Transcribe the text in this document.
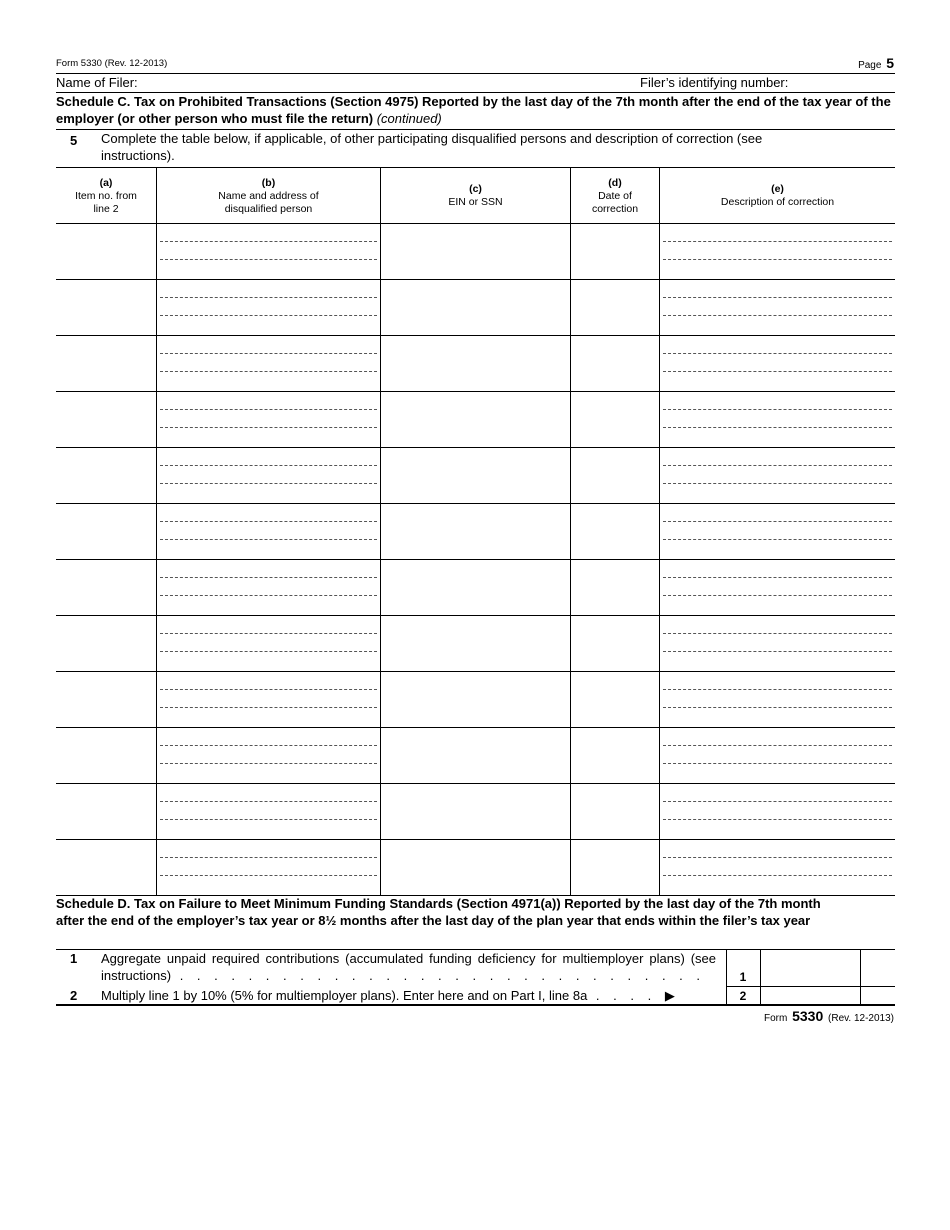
Form 5330 (Rev. 12-2013)	Page 5
Name of Filer:	Filer’s identifying number:
Schedule C. Tax on Prohibited Transactions (Section 4975) Reported by the last day of the 7th month after the end of the tax year of the employer (or other person who must file the return) (continued)
5 Complete the table below, if applicable, of other participating disqualified persons and description of correction (see instructions).
(a)
Item no. from line 2
(b)
Name and address of disqualified person
(c)
EIN or SSN
(d)
Date of correction
(e)
Description of correction
Schedule D. Tax on Failure to Meet Minimum Funding Standards (Section 4971(a)) Reported by the last day of the 7th month after the end of the employer’s tax year or 8½ months after the last day of the plan year that ends within the filer’s tax year
1 Aggregate unpaid required contributions (accumulated funding deficiency for multiemployer plans) (see instructions) . . . . . . . . . . . . . . . . . . . . . . . . . . . . . . .
2 Multiply line 1 by 10% (5% for multiemployer plans). Enter here and on Part I, line 8a . . . . ▶
1
2
Form 5330 (Rev. 12-2013)
